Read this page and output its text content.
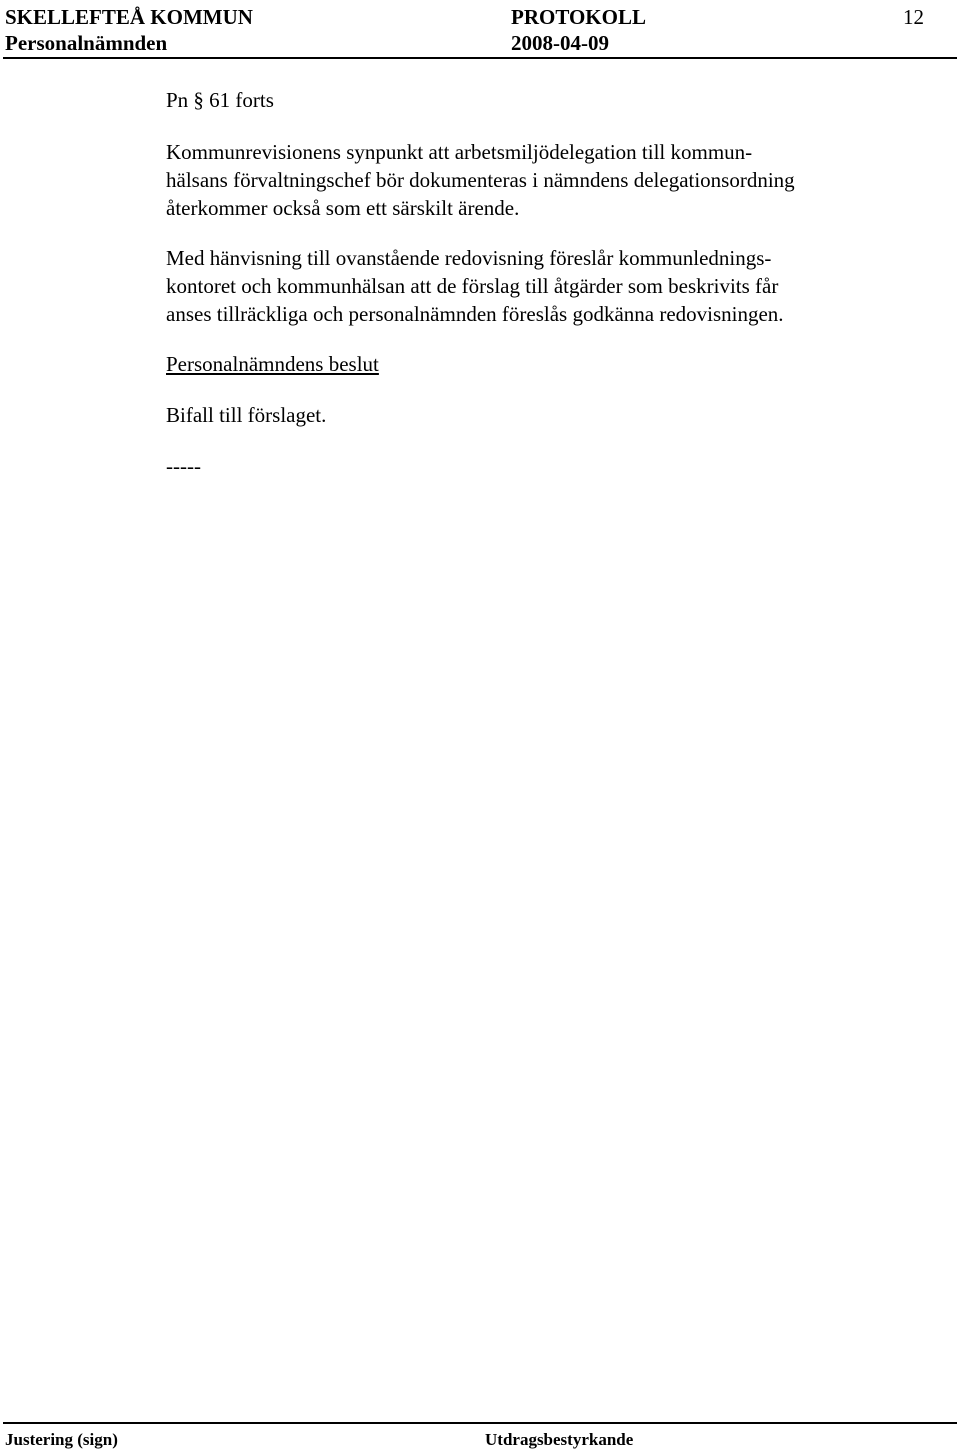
SKELLEFTEÅ KOMMUN	PROTOKOLL	12
Personalnämnden	2008-04-09
Pn § 61 forts
Kommunrevisionens synpunkt att arbetsmiljödelegation till kommun-
hälsans förvaltningschef bör dokumenteras i nämndens delegationsordning
återkommer också som ett särskilt ärende.
Med hänvisning till ovanstående redovisning föreslår kommunlednings-
kontoret och kommunhälsan att de förslag till åtgärder som beskrivits får
anses tillräckliga och personalnämnden föreslås godkänna redovisningen.
Personalnämndens beslut
Bifall till förslaget.
-----
Justering (sign)	Utdragsbestyrkande
